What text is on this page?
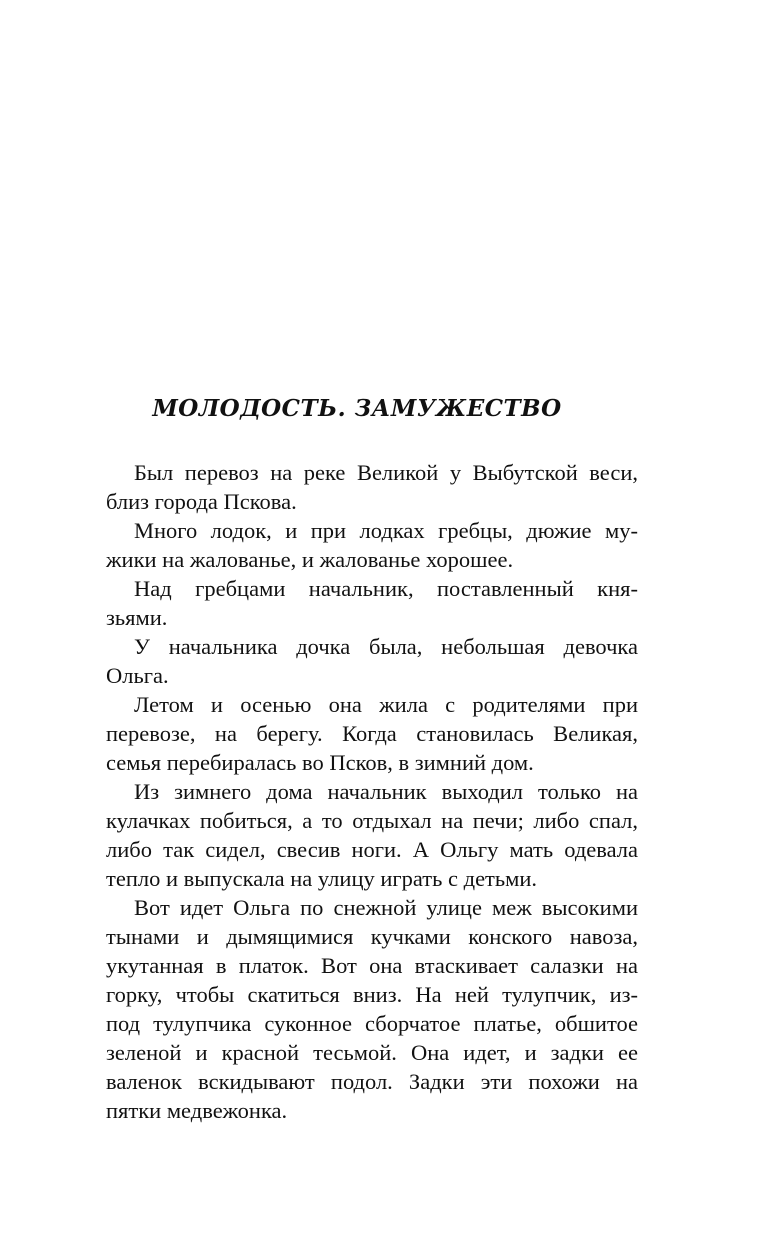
МОЛОДОСТЬ. ЗАМУЖЕСТВО

Был перевоз на реке Великой у Выбутской веси,
близ города Пскова.

Много лодок, и при лодках гребцы, дюжие му-
жики на жалованье, и жалованье хорошее.

Над гребцами начальник, поставленный кня-
зьями.

У начальника дочка была, небольшая девочка
Ольга.

Летом и осенью она жила с родителями при
перевозе, на берегу. Когда становилась Великая,
семья перебиралась во Псков, в зимний дом.

Из зимнего дома начальник выходил только на
кулачках побиться, а то отдыхал на печи; либо спал,
либо так сидел, свесив ноги. А Ольгу мать одевала
тепло и выпускала на улицу играть с детьми.

Вот идет Ольга по снежной улице меж высокими
тынами и дымящимися кучками конского навоза,
укутанная в платок. Вот она втаскивает салазки на
горку, чтобы скатиться вниз. На ней тулупчик, из-
под тулупчика суконное сборчатое платье, обшитое
зеленой и красной тесьмой. Она идет, и задки ее
валенок вскидывают подол. Задки эти похожи на
пятки медвежонка.
